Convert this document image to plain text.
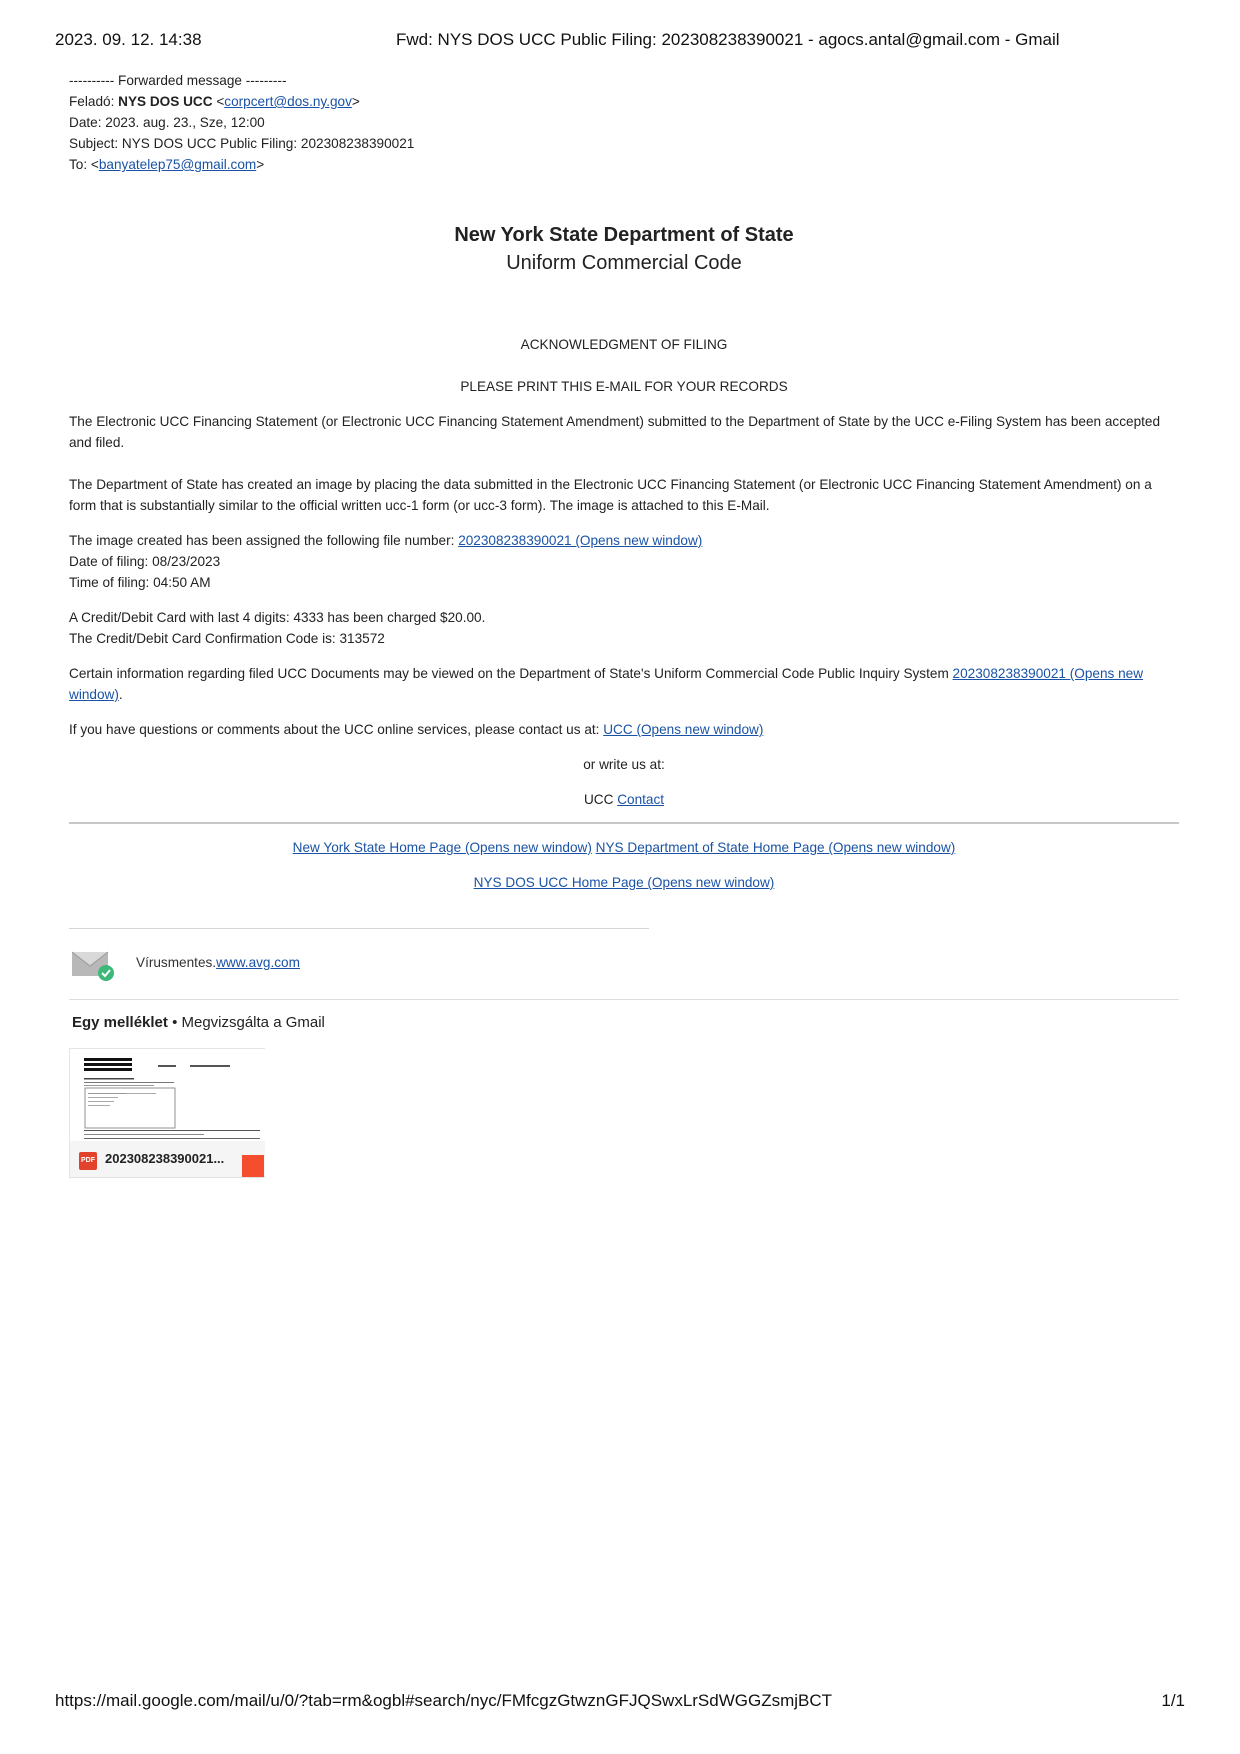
2023. 09. 12. 14:38	Fwd: NYS DOS UCC Public Filing: 202308238390021 - agocs.antal@gmail.com - Gmail
---------- Forwarded message ---------
Feladó: NYS DOS UCC <corpcert@dos.ny.gov>
Date: 2023. aug. 23., Sze, 12:00
Subject: NYS DOS UCC Public Filing: 202308238390021
To: <banyatelep75@gmail.com>
New York State Department of State
Uniform Commercial Code
ACKNOWLEDGMENT OF FILING
PLEASE PRINT THIS E-MAIL FOR YOUR RECORDS

The Electronic UCC Financing Statement (or Electronic UCC Financing Statement Amendment) submitted to the Department of State by the UCC e-Filing System has been accepted and filed.

The Department of State has created an image by placing the data submitted in the Electronic UCC Financing Statement (or Electronic UCC Financing Statement Amendment) on a form that is substantially similar to the official written ucc-1 form (or ucc-3 form). The image is attached to this E-Mail.

The image created has been assigned the following file number: 202308238390021 (Opens new window)

Date of filing: 08/23/2023
Time of filing: 04:50 AM

A Credit/Debit Card with last 4 digits: 4333 has been charged $20.00.

The Credit/Debit Card Confirmation Code is: 313572

Certain information regarding filed UCC Documents may be viewed on the Department of State's Uniform Commercial Code Public Inquiry System 202308238390021 (Opens new window).

If you have questions or comments about the UCC online services, please contact us at: UCC (Opens new window)

or write us at:

UCC Contact

New York State Home Page (Opens new window) NYS Department of State Home Page (Opens new window)

NYS DOS UCC Home Page (Opens new window)

Vírusmentes.www.avg.com
Egy melléklet • Megvizsgálta a Gmail
PDF 202308238390021...
https://mail.google.com/mail/u/0/?tab=rm&ogbl#search/nyc/FMfcgzGtwznGFJQSwxLrSdWGGZsmjBCT	1/1
